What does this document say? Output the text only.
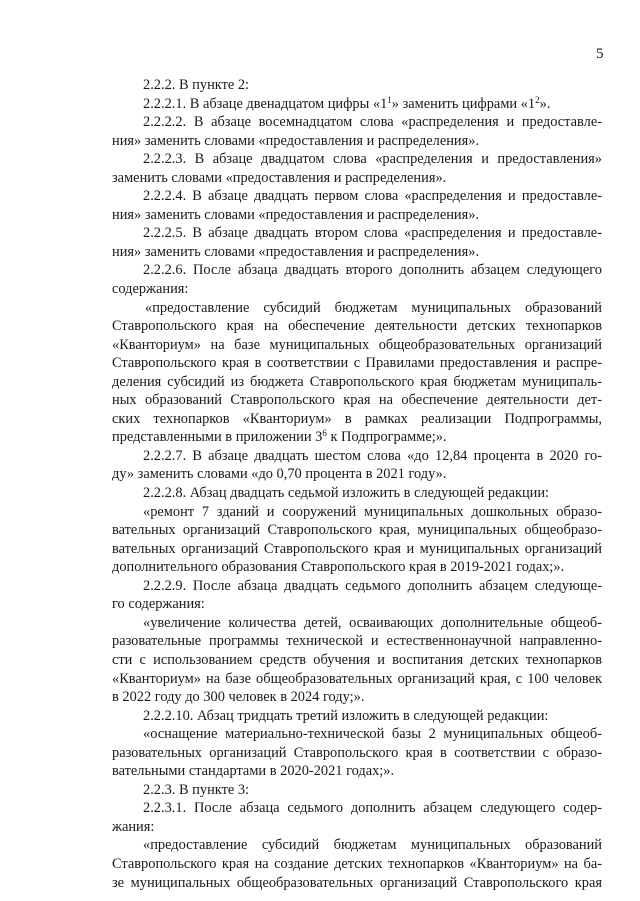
5
2.2.2. В пункте 2:
2.2.2.1. В абзаце двенадцатом цифры «$1^1$» заменить цифрами «$1^2$».
2.2.2.2. В абзаце восемнадцатом слова «распределения и предоставле-
ния» заменить словами «предоставления и распределения».
2.2.2.3. В абзаце двадцатом слова «распределения и предоставления»
заменить словами «предоставления и распределения».
2.2.2.4. В абзаце двадцать первом слова «распределения и предоставле-
ния» заменить словами «предоставления и распределения».
2.2.2.5. В абзаце двадцать втором слова «распределения и предоставле-
ния» заменить словами «предоставления и распределения».
2.2.2.6. После абзаца двадцать второго дополнить абзацем следующего
содержания:
«предоставление субсидий бюджетам муниципальных образований
Ставропольского края на обеспечение деятельности детских технопарков
«Кванториум» на базе муниципальных общеобразовательных организаций
Ставропольского края в соответствии с Правилами предоставления и распре-
деления субсидий из бюджета Ставропольского края бюджетам муниципаль-
ных образований Ставропольского края на обеспечение деятельности дет-
ских технопарков «Кванториум» в рамках реализации Подпрограммы,
представленными в приложении $3^6$ к Подпрограмме;».
2.2.2.7. В абзаце двадцать шестом слова «до 12,84 процента в 2020 го-
ду» заменить словами «до 0,70 процента в 2021 году».
2.2.2.8. Абзац двадцать седьмой изложить в следующей редакции:
«ремонт 7 зданий и сооружений муниципальных дошкольных образо-
вательных организаций Ставропольского края, муниципальных общеобразо-
вательных организаций Ставропольского края и муниципальных организаций
дополнительного образования Ставропольского края в 2019-2021 годах;».
2.2.2.9. После абзаца двадцать седьмого дополнить абзацем следующе-
го содержания:
«увеличение количества детей, осваивающих дополнительные общеоб-
разовательные программы технической и естественнонаучной направленно-
сти с использованием средств обучения и воспитания детских технопарков
«Кванториум» на базе общеобразовательных организаций края, с 100 человек
в 2022 году до 300 человек в 2024 году;».
2.2.2.10. Абзац тридцать третий изложить в следующей редакции:
«оснащение материально-технической базы 2 муниципальных общеоб-
разовательных организаций Ставропольского края в соответствии с образо-
вательными стандартами в 2020-2021 годах;».
2.2.3. В пункте 3:
2.2.3.1. После абзаца седьмого дополнить абзацем следующего содер-
жания:
«предоставление субсидий бюджетам муниципальных образований
Ставропольского края на создание детских технопарков «Кванториум» на ба-
зе муниципальных общеобразовательных организаций Ставропольского края
